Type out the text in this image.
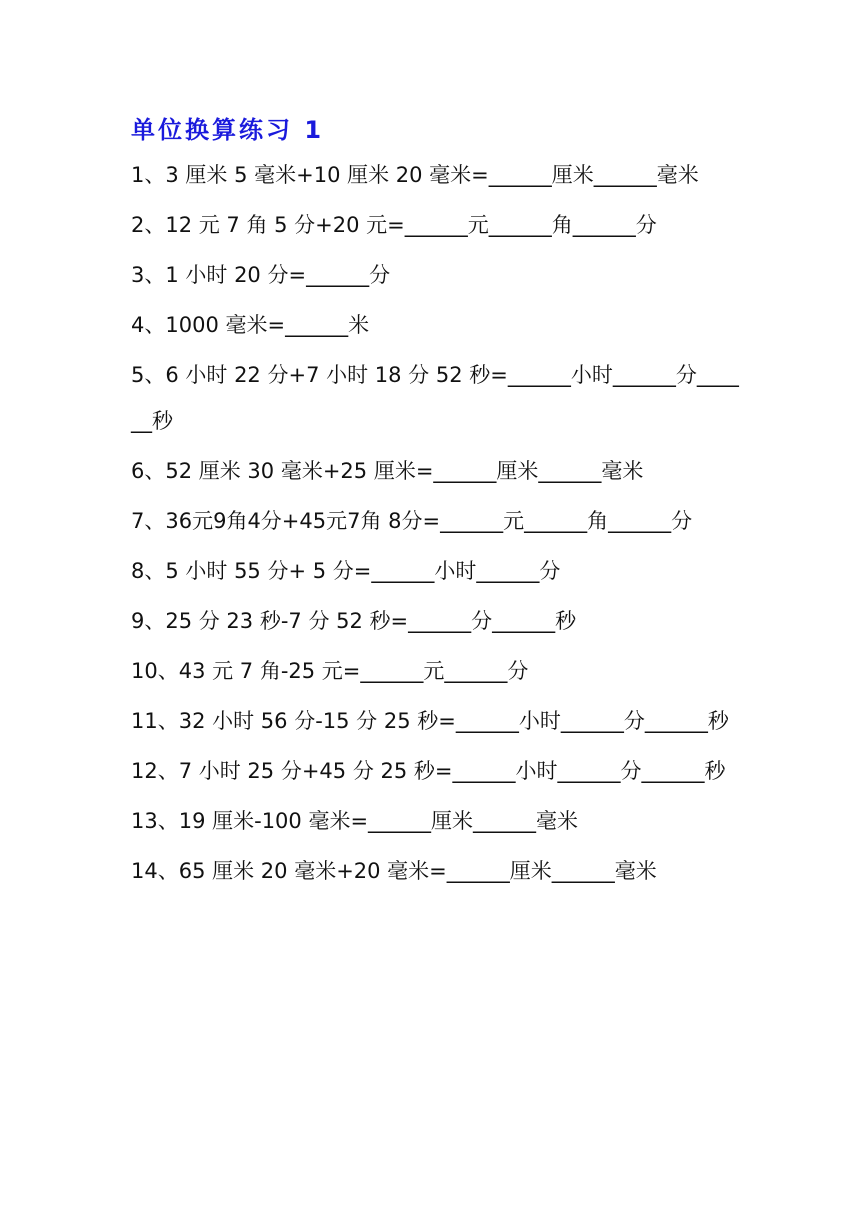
单位换算练习 1
1、3 厘米 5 毫米+10 厘米 20 毫米=______厘米______毫米
2、12 元 7 角 5 分+20 元=______元______角______分
3、1 小时 20 分=______分
4、1000 毫米=______米
5、6 小时 22 分+7 小时 18 分 52 秒=______小时______分______秒
6、52 厘米 30 毫米+25 厘米=______厘米______毫米
7、36元9角4分+45元7角 8分=______元______角______分
8、5 小时 55 分+ 5 分=______小时______分
9、25 分 23 秒-7 分 52 秒=______分______秒
10、43 元 7 角-25 元=______元______分
11、32 小时 56 分-15 分 25 秒=______小时______分______秒
12、7 小时 25 分+45 分 25 秒=______小时______分______秒
13、19 厘米-100 毫米=______厘米______毫米
14、65 厘米 20 毫米+20 毫米=______厘米______毫米
